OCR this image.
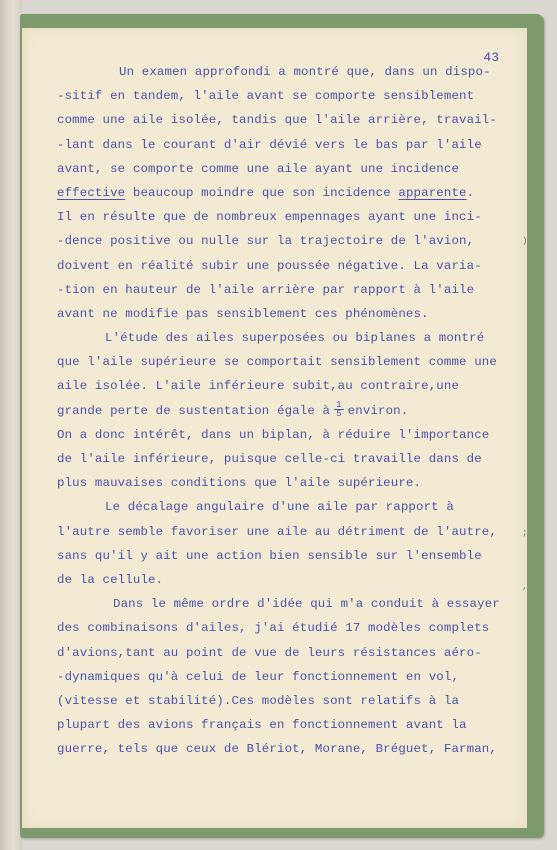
43
)
;
,
Un examen approfondi a montré que, dans un dispo-
-sitif en tandem, l'aile avant se comporte sensiblement
comme une aile isolée, tandis que l'aile arrière, travail-
-lant dans le courant d'air dévié vers le bas par l'aile
avant, se comporte comme une aile ayant une incidence
effective beaucoup moindre que son incidence apparente.
Il en résulte que de nombreux empennages ayant une inci-
-dence positive ou nulle sur la trajectoire de l'avion,
doivent en réalité subir une poussée négative. La varia-
-tion en hauteur de l'aile arrière par rapport à l'aile
avant ne modifie pas sensiblement ces phénomènes.
L'étude des ailes superposées ou biplanes a montré
que l'aile supérieure se comportait sensiblement comme une
aile isolée. L'aile inférieure subit,au contraire,une
grande perte de sustentation égale à $\frac{1}{5}$ environ.
On a donc intérêt, dans un biplan, à réduire l'importance
de l'aile inférieure, puisque celle-ci travaille dans de
plus mauvaises conditions que l'aile supérieure.
Le décalage angulaire d'une aile par rapport à
l'autre semble favoriser une aile au détriment de l'autre,
sans qu'il y ait une action bien sensible sur l'ensemble
de la cellule.
Dans le même ordre d'idée qui m'a conduit à essayer
des combinaisons d'ailes, j'ai étudié 17 modèles complets
d'avions,tant au point de vue de leurs résistances aéro-
-dynamiques qu'à celui de leur fonctionnement en vol,
(vitesse et stabilité).Ces modèles sont relatifs à la
plupart des avions français en fonctionnement avant la
guerre, tels que ceux de Blériot, Morane, Bréguet, Farman,
